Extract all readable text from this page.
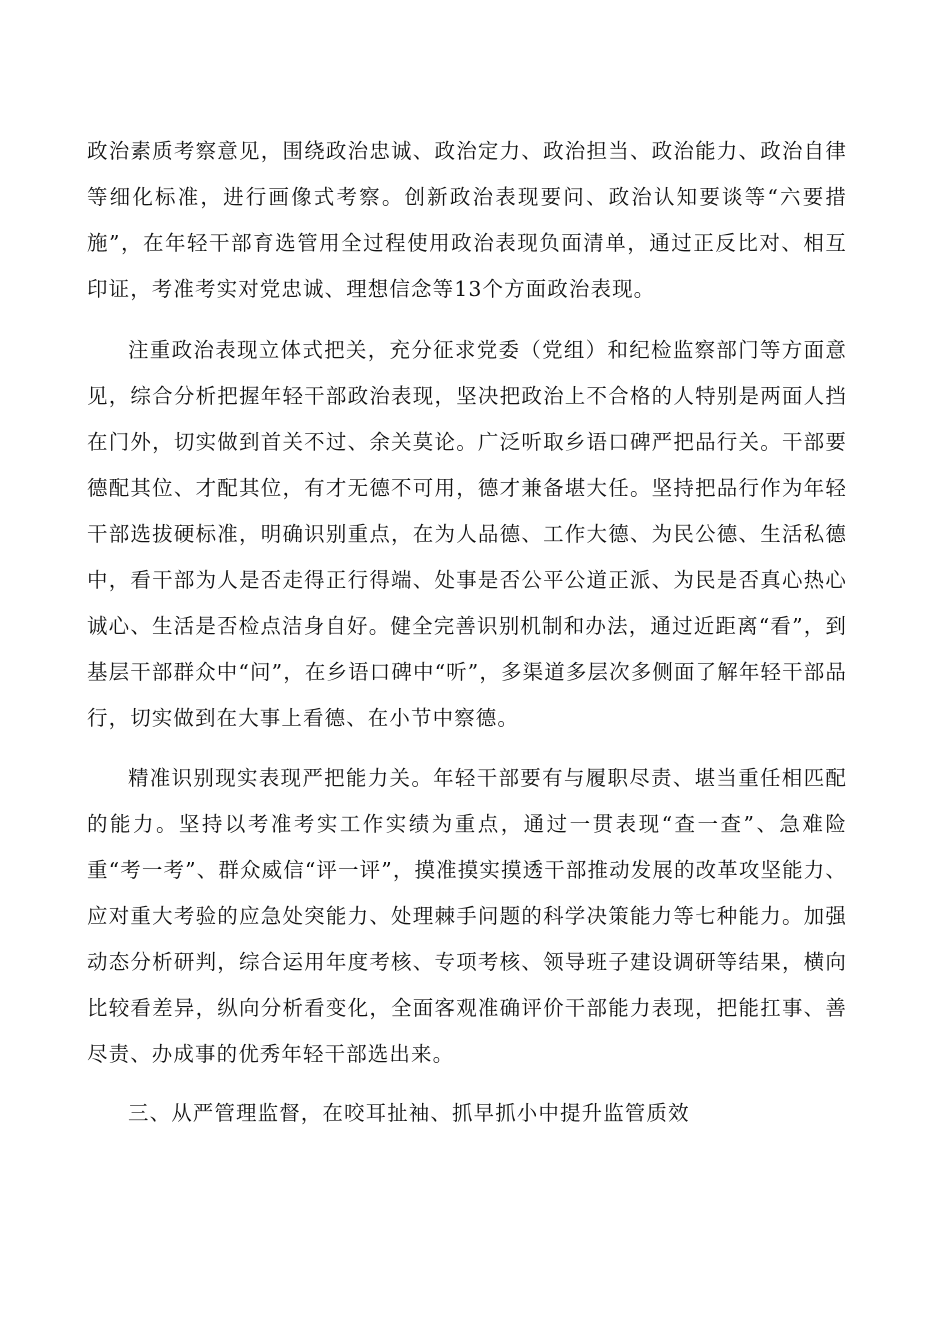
政治素质考察意见，围绕政治忠诚、政治定力、政治担当、政治能力、政治自律等细化标准，进行画像式考察。创新政治表现要问、政治认知要谈等“六要措施”，在年轻干部育选管用全过程使用政治表现负面清单，通过正反比对、相互印证，考准考实对党忠诚、理想信念等13个方面政治表现。

注重政治表现立体式把关，充分征求党委（党组）和纪检监察部门等方面意见，综合分析把握年轻干部政治表现，坚决把政治上不合格的人特别是两面人挡在门外，切实做到首关不过、余关莫论。广泛听取乡语口碑严把品行关。干部要德配其位、才配其位，有才无德不可用，德才兼备堪大任。坚持把品行作为年轻干部选拔硬标准，明确识别重点，在为人品德、工作大德、为民公德、生活私德中，看干部为人是否走得正行得端、处事是否公平公道正派、为民是否真心热心诚心、生活是否检点洁身自好。健全完善识别机制和办法，通过近距离“看”，到基层干部群众中“问”，在乡语口碑中“听”，多渠道多层次多侧面了解年轻干部品行，切实做到在大事上看德、在小节中察德。

精准识别现实表现严把能力关。年轻干部要有与履职尽责、堪当重任相匹配的能力。坚持以考准考实工作实绩为重点，通过一贯表现“查一查”、急难险重“考一考”、群众威信“评一评”，摸准摸实摸透干部推动发展的改革攻坚能力、应对重大考验的应急处突能力、处理棘手问题的科学决策能力等七种能力。加强动态分析研判，综合运用年度考核、专项考核、领导班子建设调研等结果，横向比较看差异，纵向分析看变化，全面客观准确评价干部能力表现，把能扛事、善尽责、办成事的优秀年轻干部选出来。

三、从严管理监督，在咬耳扯袖、抓早抓小中提升监管质效
